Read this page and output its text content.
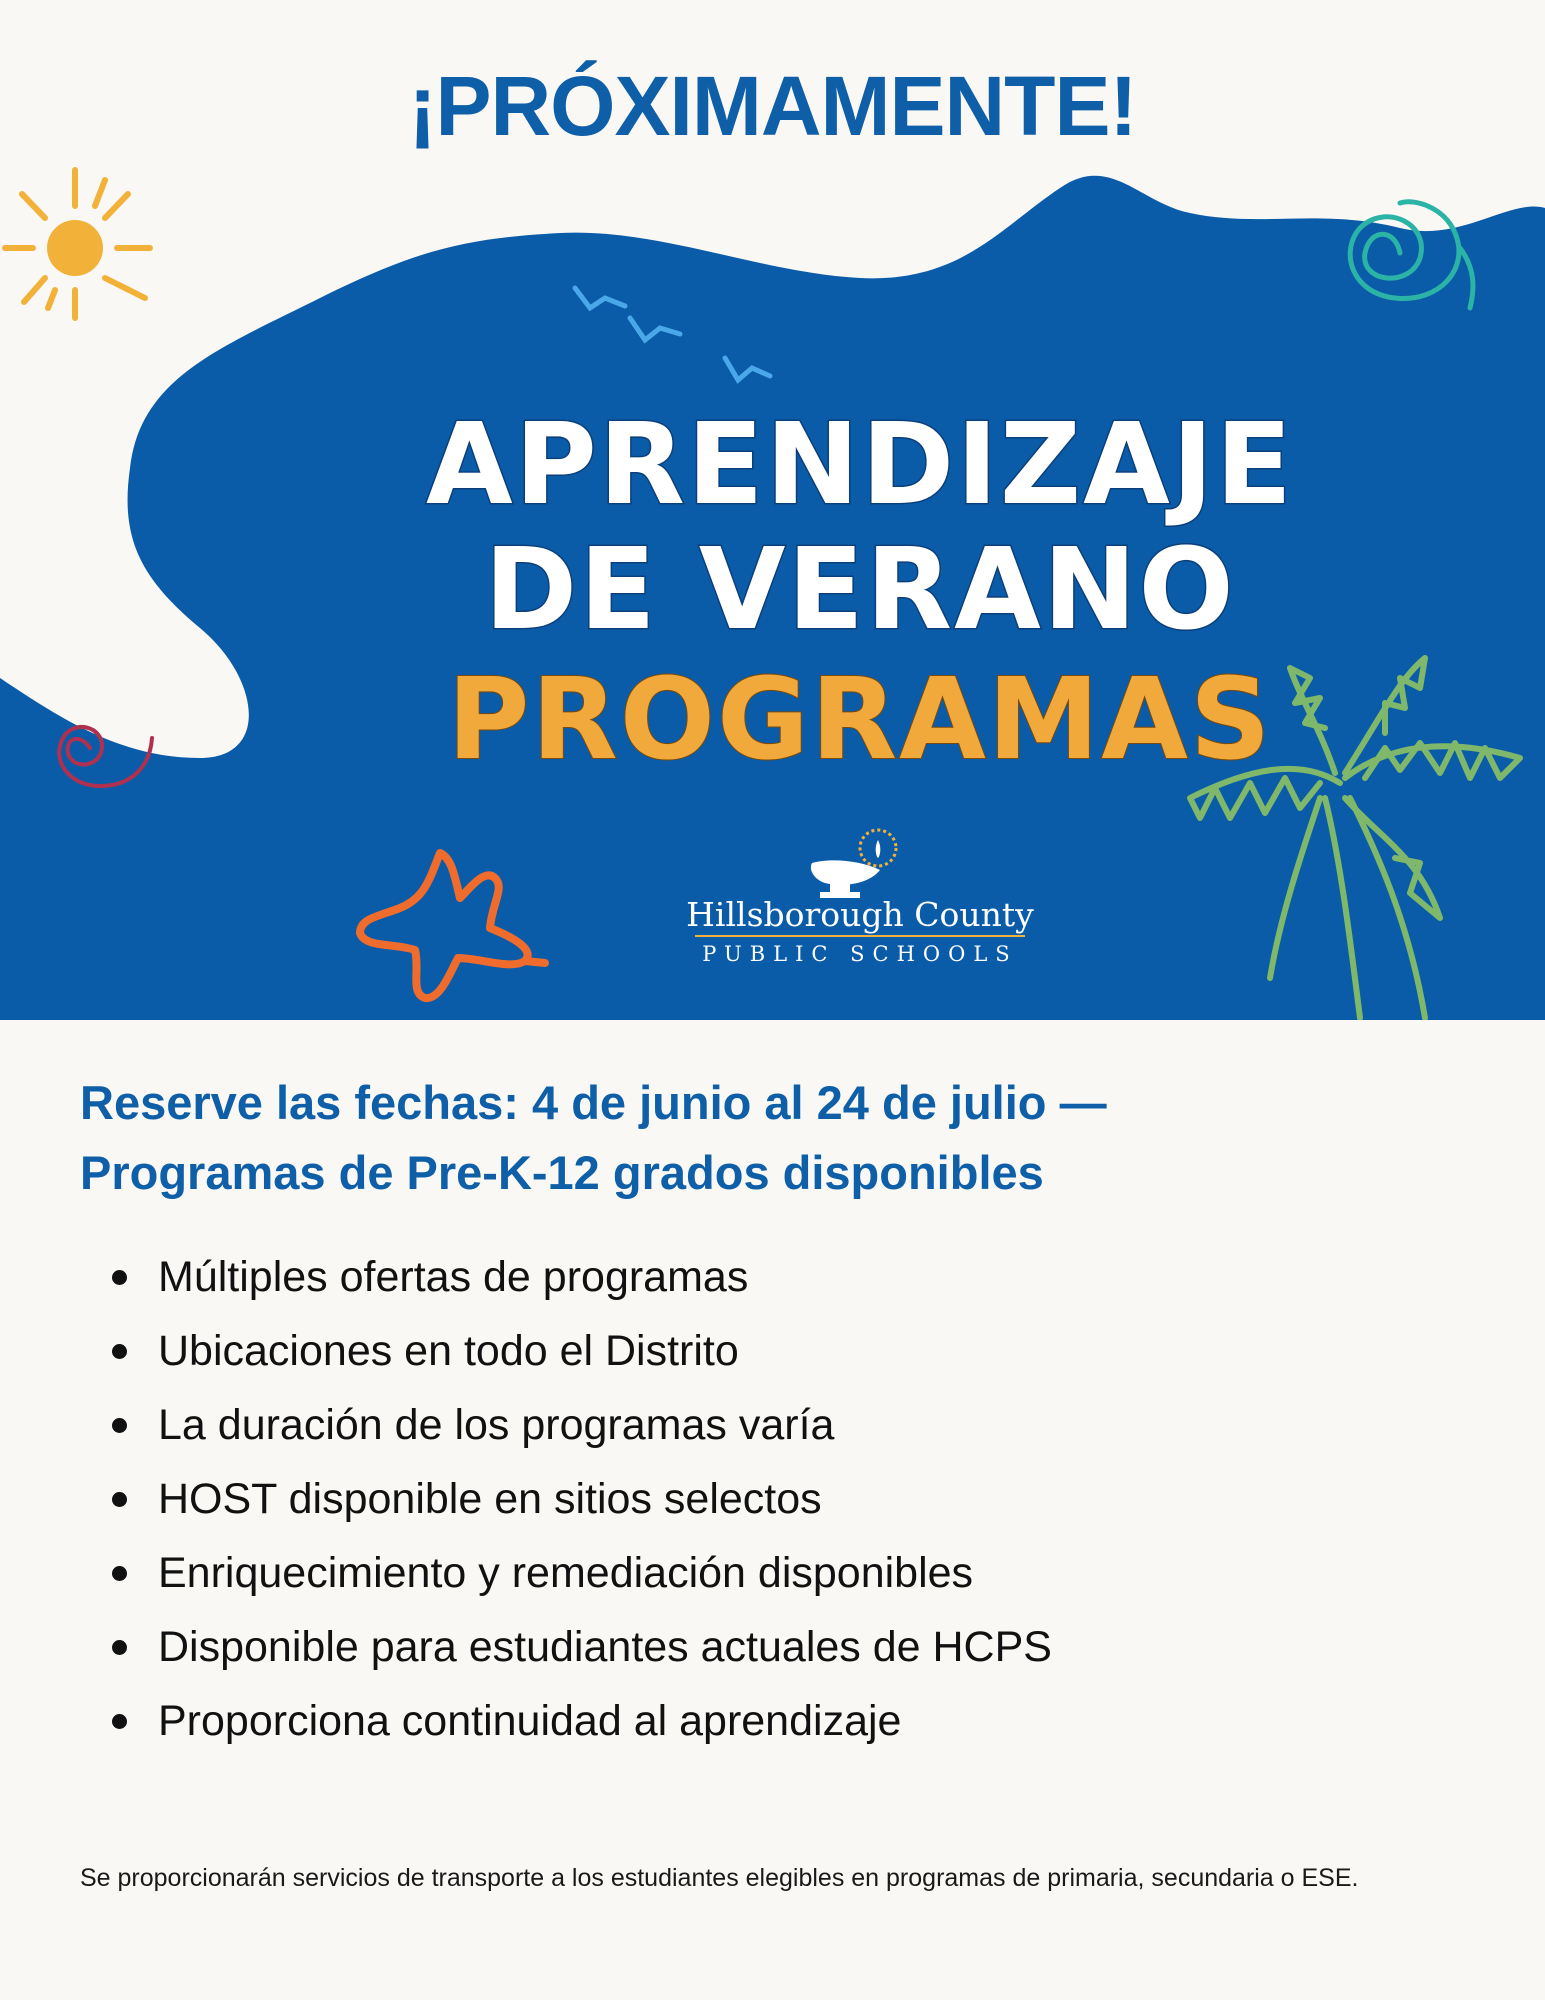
¡PRÓXIMAMENTE!
APRENDIZAJE
DE VERANO
PROGRAMAS
Hillsborough County
PUBLIC SCHOOLS
Reserve las fechas: 4 de junio al 24 de julio —
Programas de Pre-K-12 grados disponibles
Múltiples ofertas de programas
Ubicaciones en todo el Distrito
La duración de los programas varía
HOST disponible en sitios selectos
Enriquecimiento y remediación disponibles
Disponible para estudiantes actuales de HCPS
Proporciona continuidad al aprendizaje

Se proporcionarán servicios de transporte a los estudiantes elegibles en programas de primaria, secundaria o ESE.
